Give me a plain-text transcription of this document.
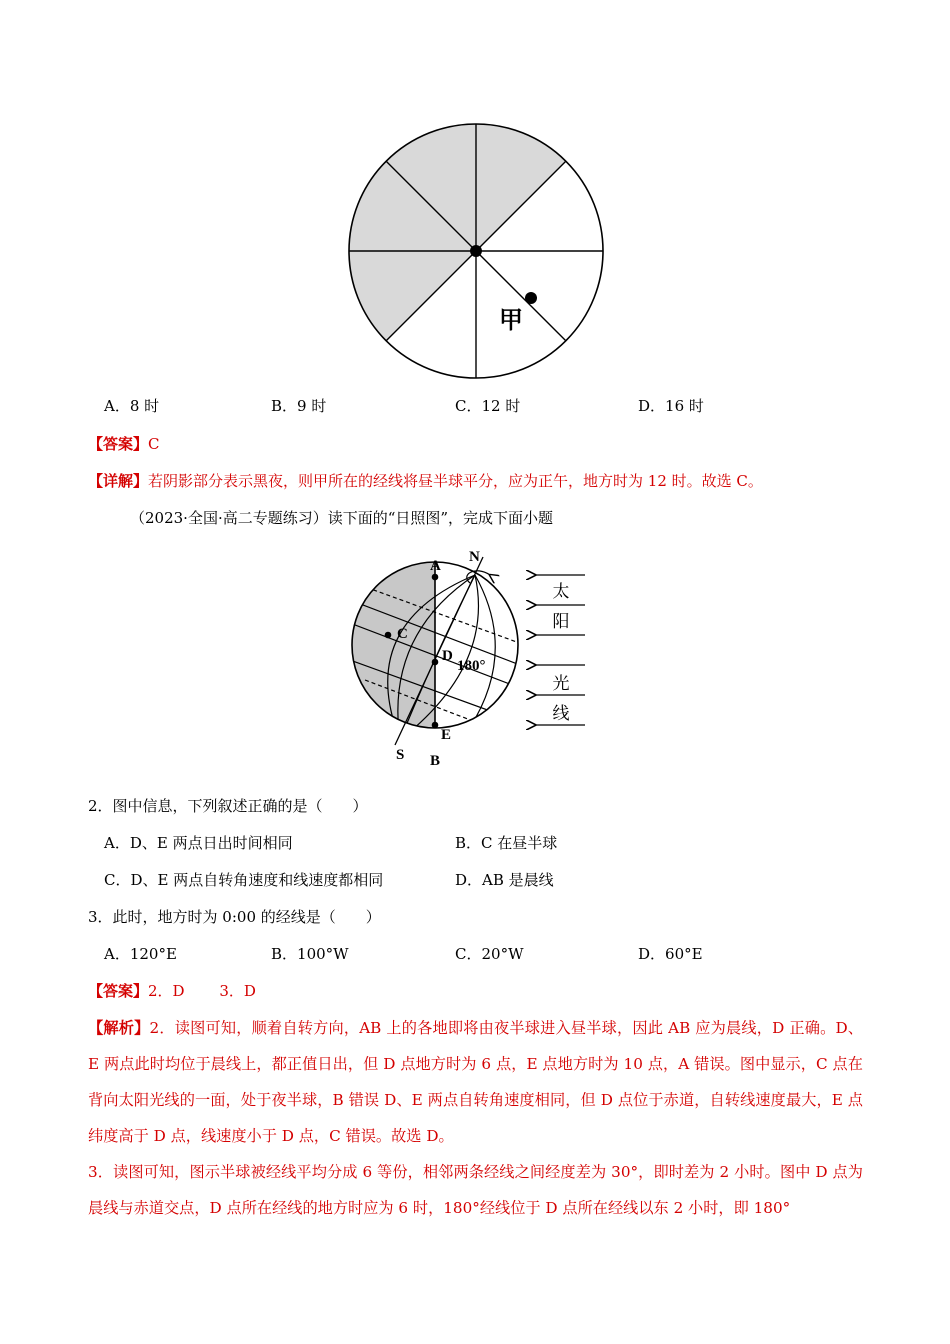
甲
A．8 时	B．9 时	C．12 时	D．16 时
【答案】C
【详解】若阴影部分表示黑夜，则甲所在的经线将昼半球平分，应为正午，地方时为 12 时。故选 C。
（2023·全国·高二专题练习）读下面的“日照图”，完成下面小题
N
A
C
D
180°
E
S B
太
阳
光
线
2．图中信息，下列叙述正确的是（　　）
A．D、E 两点日出时间相同	B．C 在昼半球
C．D、E 两点自转角速度和线速度都相同	D．AB 是晨线
3．此时，地方时为 0:00 的经线是（　　）
A．120°E	B．100°W	C．20°W	D．60°E
【答案】2．D　　 3．D
【解析】2．读图可知，顺着自转方向，AB 上的各地即将由夜半球进入昼半球，因此 AB 应为晨线，D 正确。D、E 两点此时均位于晨线上，都正值日出，但 D 点地方时为 6 点，E 点地方时为 10 点，A 错误。图中显示，C 点在背向太阳光线的一面，处于夜半球，B 错误 D、E 两点自转角速度相同，但 D 点位于赤道，自转线速度最大，E 点纬度高于 D 点，线速度小于 D 点，C 错误。故选 D。
3．读图可知，图示半球被经线平均分成 6 等份，相邻两条经线之间经度差为 30°，即时差为 2 小时。图中 D 点为晨线与赤道交点，D 点所在经线的地方时应为 6 时，180°经线位于 D 点所在经线以东 2 小时，即 180°
